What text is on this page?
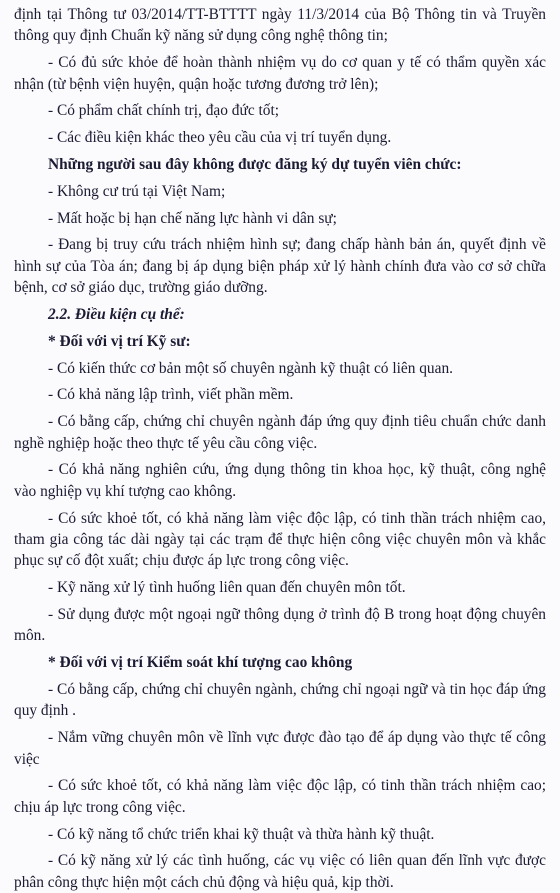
định tại Thông tư 03/2014/TT-BTTTT ngày 11/3/2014 của Bộ Thông tin và Truyền thông quy định Chuẩn kỹ năng sử dụng công nghệ thông tin;

- Có đủ sức khỏe để hoàn thành nhiệm vụ do cơ quan y tế có thẩm quyền xác nhận (từ bệnh viện huyện, quận hoặc tương đương trở lên);

- Có phẩm chất chính trị, đạo đức tốt;

- Các điều kiện khác theo yêu cầu của vị trí tuyển dụng.

Những người sau đây không được đăng ký dự tuyển viên chức:

- Không cư trú tại Việt Nam;

- Mất hoặc bị hạn chế năng lực hành vi dân sự;

- Đang bị truy cứu trách nhiệm hình sự; đang chấp hành bản án, quyết định về hình sự của Tòa án; đang bị áp dụng biện pháp xử lý hành chính đưa vào cơ sở chữa bệnh, cơ sở giáo dục, trường giáo dưỡng.

2.2. Điều kiện cụ thể:

* Đối với vị trí Kỹ sư:

- Có kiến thức cơ bản một số chuyên ngành kỹ thuật có liên quan.

- Có khả năng lập trình, viết phần mềm.

- Có bằng cấp, chứng chỉ chuyên ngành đáp ứng quy định tiêu chuẩn chức danh nghề nghiệp hoặc theo thực tế yêu cầu công việc.

- Có khả năng nghiên cứu, ứng dụng thông tin khoa học, kỹ thuật, công nghệ vào nghiệp vụ khí tượng cao không.

- Có sức khoẻ tốt, có khả năng làm việc độc lập, có tinh thần trách nhiệm cao, tham gia công tác dài ngày tại các trạm để thực hiện công việc chuyên môn và khắc phục sự cố đột xuất; chịu được áp lực trong công việc.

- Kỹ năng xử lý tình huống liên quan đến chuyên môn tốt.

- Sử dụng được một ngoại ngữ thông dụng ở trình độ B trong hoạt động chuyên môn.

* Đối với vị trí Kiểm soát khí tượng cao không

- Có bằng cấp, chứng chỉ chuyên ngành, chứng chỉ ngoại ngữ và tin học đáp ứng quy định .

- Nắm vững chuyên môn về lĩnh vực được đào tạo để áp dụng vào thực tế công việc

- Có sức khoẻ tốt, có khả năng làm việc độc lập, có tinh thần trách nhiệm cao; chịu áp lực trong công việc.

- Có kỹ năng tổ chức triển khai kỹ thuật và thừa hành kỹ thuật.

- Có kỹ năng xử lý các tình huống, các vụ việc có liên quan đến lĩnh vực được phân công thực hiện một cách chủ động và hiệu quả, kịp thời.
